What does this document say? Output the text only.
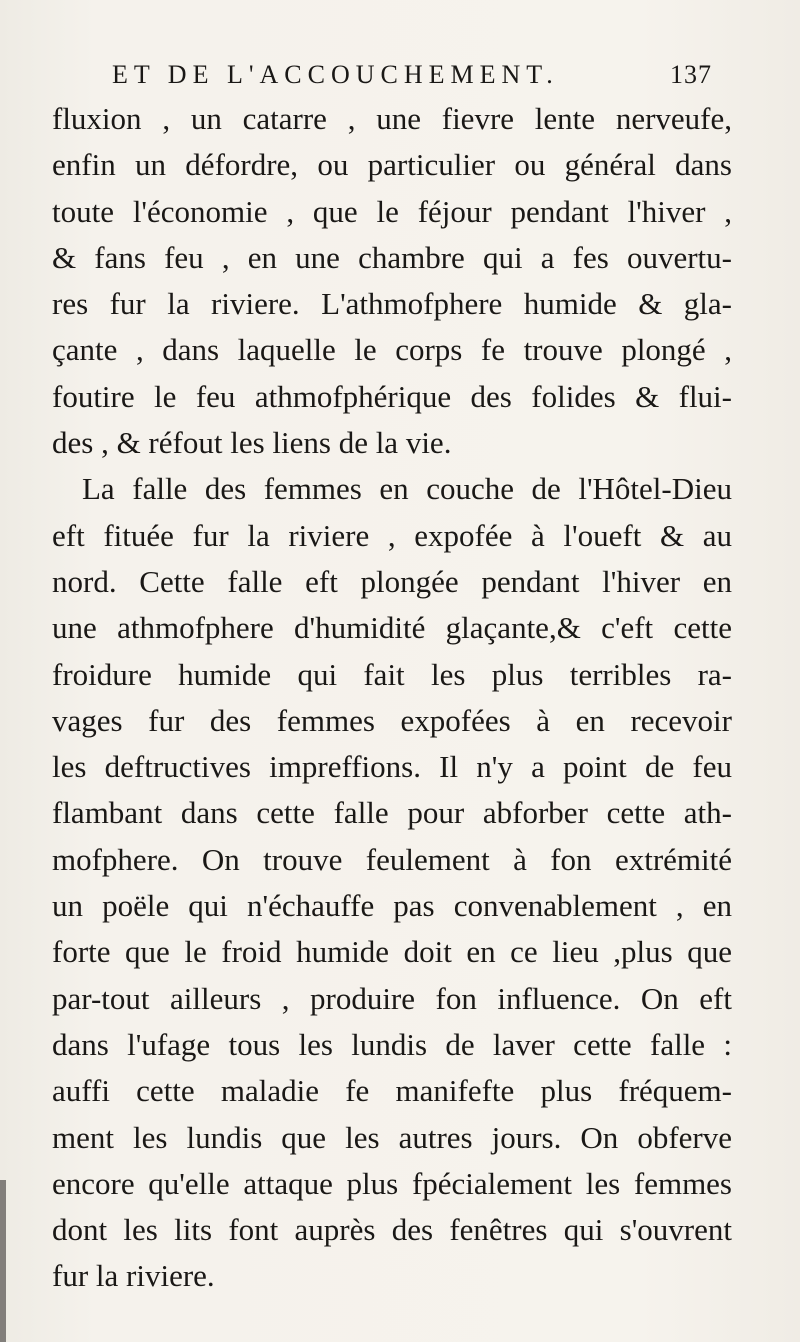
ET DE L'ACCOUCHEMENT.	137
fluxion , un catarre , une fievre lente nerveufe,
enfin un défordre, ou particulier ou général dans
toute l'économie , que le féjour pendant l'hiver ,
& fans feu , en une chambre qui a fes ouvertu-
res fur la riviere. L'athmofphere humide & gla-
çante , dans laquelle le corps fe trouve plongé ,
foutire le feu athmofphérique des folides & flui-
des , & réfout les liens de la vie.
La falle des femmes en couche de l'Hôtel-Dieu
eft fituée fur la riviere , expofée à l'oueft & au
nord. Cette falle eft plongée pendant l'hiver en
une athmofphere d'humidité glaçante,& c'eft cette
froidure humide qui fait les plus terribles ra-
vages fur des femmes expofées à en recevoir
les deftructives impreffions. Il n'y a point de feu
flambant dans cette falle pour abforber cette ath-
mofphere. On trouve feulement à fon extrémité
un poële qui n'échauffe pas convenablement , en
forte que le froid humide doit en ce lieu ,plus que
par-tout ailleurs , produire fon influence. On eft
dans l'ufage tous les lundis de laver cette falle :
auffi cette maladie fe manifefte plus fréquem-
ment les lundis que les autres jours. On obferve
encore qu'elle attaque plus fpécialement les femmes
dont les lits font auprès des fenêtres qui s'ouvrent
fur la riviere.
